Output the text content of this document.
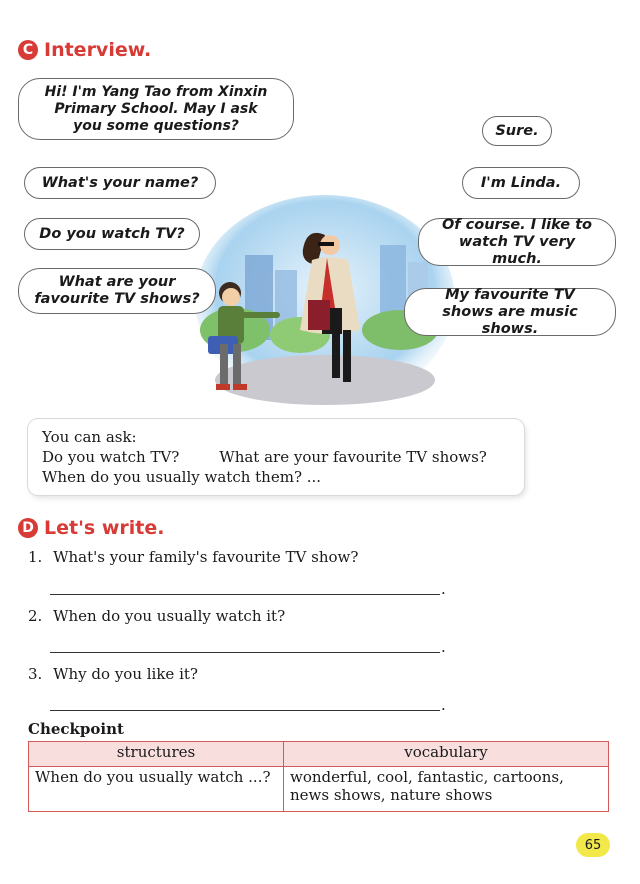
C Interview.
Hi! I'm Yang Tao from Xinxin Primary School. May I ask you some questions?
What's your name?
Do you watch TV?
What are your favourite TV shows?
Sure.
I'm Linda.
Of course. I like to watch TV very much.
My favourite TV shows are music shows.
You can ask:
Do you watch TV?	What are your favourite TV shows?
When do you usually watch them? ...
D Let's write.
1. What's your family's favourite TV show?
.
2. When do you usually watch it?
.
3. Why do you like it?
.
Checkpoint
structures	vocabulary
When do you usually watch ...?	wonderful, cool, fantastic, cartoons, news shows, nature shows
65
